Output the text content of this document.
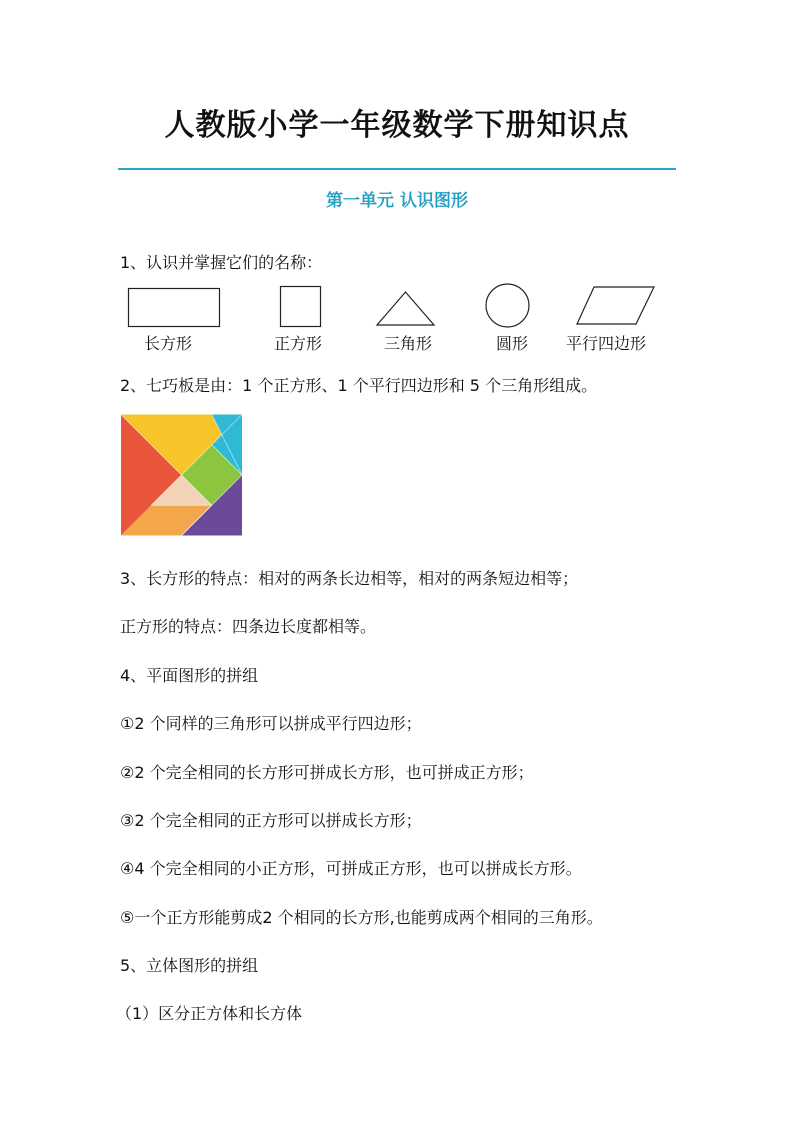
人教版小学一年级数学下册知识点
第一单元 认识图形
1、认识并掌握它们的名称：
长方形	正方形	三角形	圆形	平行四边形
2、七巧板是由：1 个正方形、1 个平行四边形和 5 个三角形组成。
3、长方形的特点：相对的两条长边相等，相对的两条短边相等；
正方形的特点：四条边长度都相等。
4、平面图形的拼组
①2 个同样的三角形可以拼成平行四边形；
②2 个完全相同的长方形可拼成长方形，也可拼成正方形；
③2 个完全相同的正方形可以拼成长方形；
④4 个完全相同的小正方形，可拼成正方形，也可以拼成长方形。
⑤一个正方形能剪成2 个相同的长方形,也能剪成两个相同的三角形。
5、立体图形的拼组
（1）区分正方体和长方体
